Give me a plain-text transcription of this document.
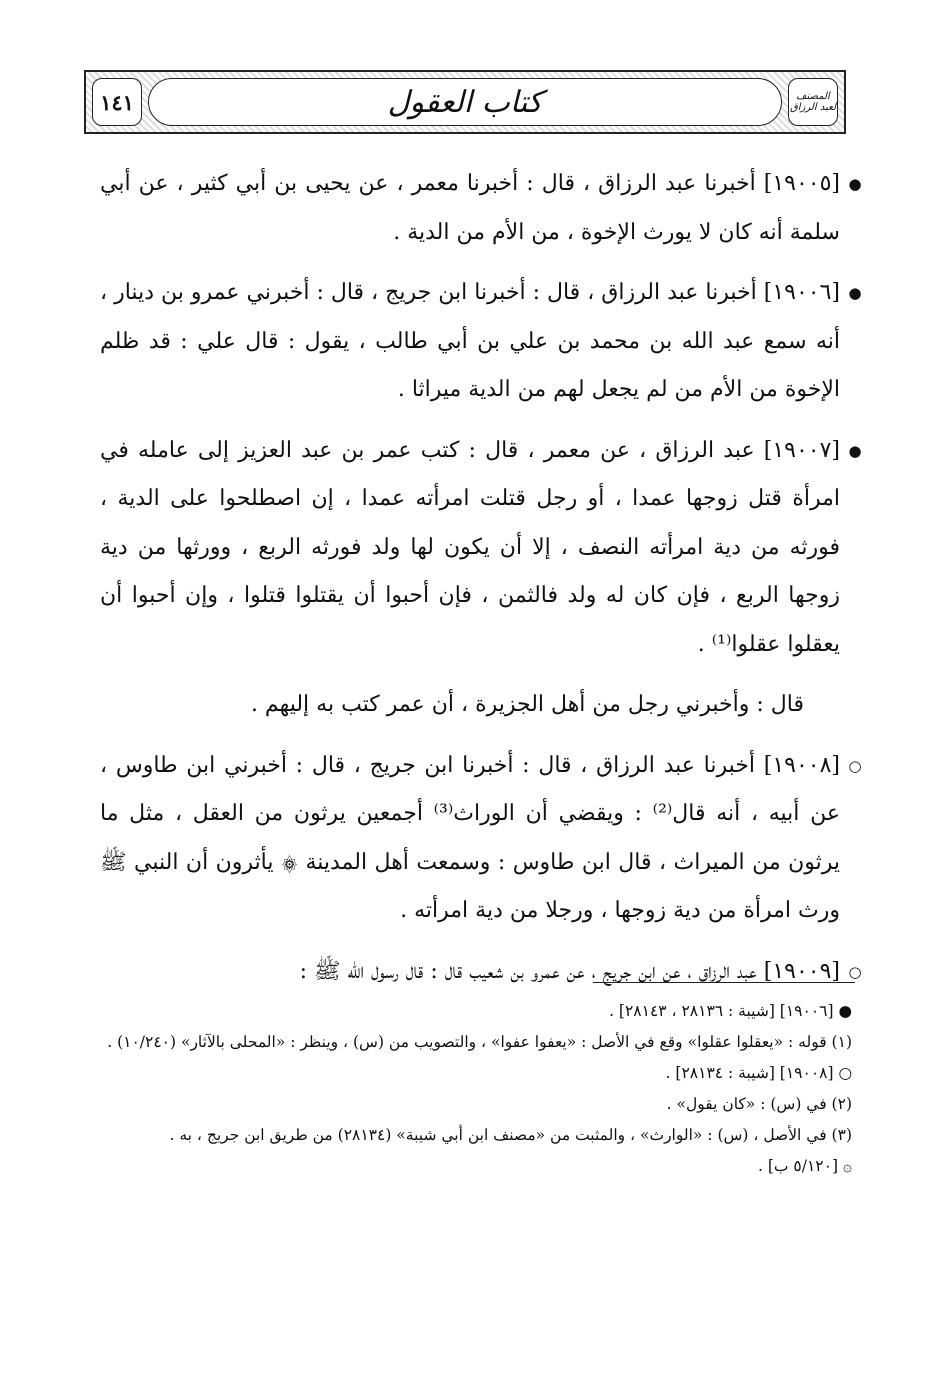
المصنف
لعبد الرزاق
كتاب العقول
١٤١

●
[١٩٠٠٥] أخبرنا عبد الرزاق ، قال : أخبرنا معمر ، عن يحيى بن أبي كثير ، عن أبي سلمة أنه كان لا يورث الإخوة ، من الأم من الدية .

●
[١٩٠٠٦] أخبرنا عبد الرزاق ، قال : أخبرنا ابن جريج ، قال : أخبرني عمرو بن دينار ، أنه سمع عبد الله بن محمد بن علي بن أبي طالب ، يقول : قال علي : قد ظلم الإخوة من الأم من لم يجعل لهم من الدية ميراثا .

●
[١٩٠٠٧] عبد الرزاق ، عن معمر ، قال : كتب عمر بن عبد العزيز إلى عامله في امرأة قتل زوجها عمدا ، أو رجل قتلت امرأته عمدا ، إن اصطلحوا على الدية ، فورثه من دية امرأته النصف ، إلا أن يكون لها ولد فورثه الربع ، وورثها من دية زوجها الربع ، فإن كان له ولد فالثمن ، فإن أحبوا أن يقتلوا قتلوا ، وإن أحبوا أن يعقلوا عقلوا⁽¹⁾ .

قال : وأخبرني رجل من أهل الجزيرة ، أن عمر كتب به إليهم .

○
[١٩٠٠٨] أخبرنا عبد الرزاق ، قال : أخبرنا ابن جريج ، قال : أخبرني ابن طاوس ، عن أبيه ، أنه قال⁽²⁾ : ويقضي أن الوراث⁽³⁾ أجمعين يرثون من العقل ، مثل ما يرثون من الميراث ، قال ابن طاوس : وسمعت أهل المدينة ۞ يأثرون أن النبي ﷺ ورث امرأة من دية زوجها ، ورجلا من دية امرأته .

○
[١٩٠٠٩] عبد الرزاق ، عن ابن جريج ، عن عمرو بن شعيب قال : قال رسول الله ﷺ :

● [١٩٠٠٦] [شيبة : ٢٨١٣٦ ، ٢٨١٤٣] .

(١) قوله : «يعقلوا عقلوا» وقع في الأصل : «يعفوا عفوا» ، والتصويب من (س) ، وينظر : «المحلى بالآثار» (١٠/٢٤٠) .

○ [١٩٠٠٨] [شيبة : ٢٨١٣٤] .

(٢) في (س) : «كان يقول» .

(٣) في الأصل ، (س) : «الوارث» ، والمثبت من «مصنف ابن أبي شيبة» (٢٨١٣٤) من طريق ابن جريج ، به .

۞ [٥/١٢٠ ب] .
